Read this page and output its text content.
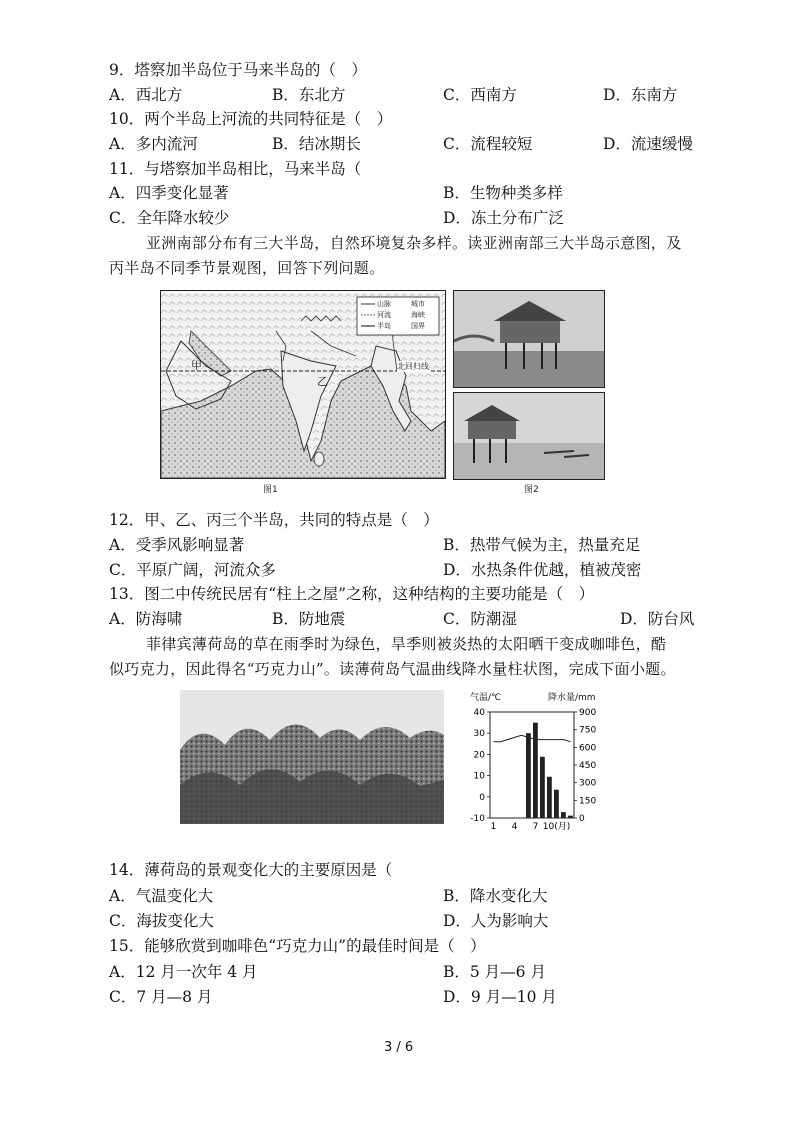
9．塔察加半岛位于马来半岛的（　）
A．西北方	B．东北方	C．西南方	D．东南方
10．两个半岛上河流的共同特征是（　）
A．多内流河	B．结冰期长	C．流程较短	D．流速缓慢
11．与塔察加半岛相比，马来半岛（
A．四季变化显著	B．生物种类多样
C．全年降水较少	D．冻土分布广泛
亚洲南部分布有三大半岛，自然环境复杂多样。读亚洲南部三大半岛示意图，及
丙半岛不同季节景观图，回答下列问题。
甲
乙
北回归线
山脉
河流
半岛
城市
海峡
国界
图1	图2
12．甲、乙、丙三个半岛，共同的特点是（　）
A．受季风影响显著	B．热带气候为主，热量充足
C．平原广阔，河流众多	D．水热条件优越，植被茂密
13．图二中传统民居有“柱上之屋”之称，这种结构的主要功能是（　）
A．防海啸	B．防地震	C．防潮湿	D．防台风
菲律宾薄荷岛的草在雨季时为绿色，旱季则被炎热的太阳晒干变成咖啡色，酷
似巧克力，因此得名“巧克力山”。读薄荷岛气温曲线降水量柱状图，完成下面小题。
气温/℃	降水量/mm
40
30
20
10
0
-10
900
750
600
450
300
150
0
1 4 7 10(月)
14．薄荷岛的景观变化大的主要原因是（
A．气温变化大	B．降水变化大
C．海拔变化大	D．人为影响大
15．能够欣赏到咖啡色“巧克力山”的最佳时间是（　）
A．12 月一次年 4 月	B．5 月—6 月
C．7 月—8 月	D．9 月—10 月
3 / 6
